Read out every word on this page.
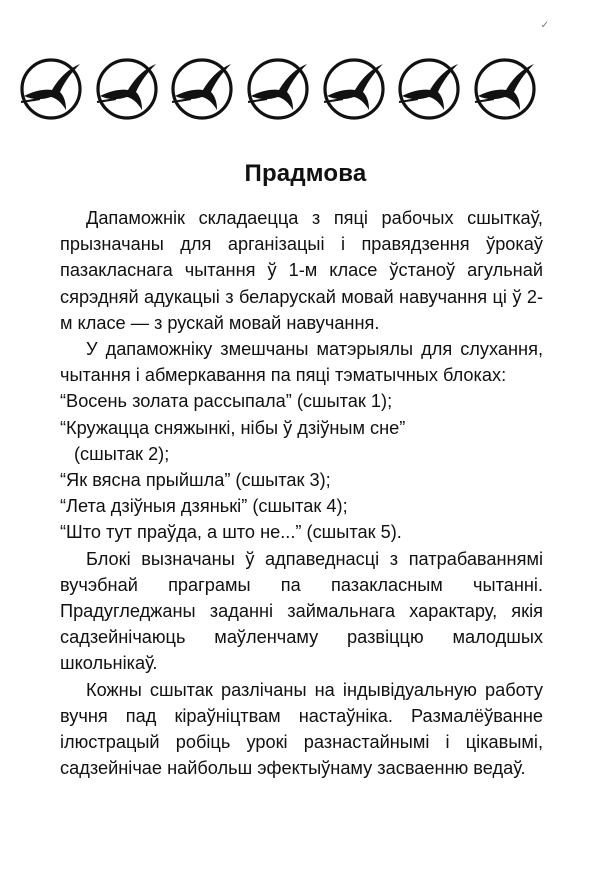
✓
Прадмова

Дапаможнік складаецца з пяці рабочых сшыткаў, прызначаны для арганізацыі і правядзення ўрокаў пазакласнага чытання ў 1-м класе ўстаноў агульнай сярэдняй адукацыі з беларускай мовай навучання ці ў 2-м класе — з рускай мовай навучання.

У дапаможніку змешчаны матэрыялы для слухання, чытання і абмеркавання па пяці тэматычных блоках:

“Восень золата рассыпала” (сшытак 1);

“Кружацца сняжынкі, нібы ў дзіўным сне”

(сшытак 2);

“Як вясна прыйшла” (сшытак 3);

“Лета дзіўныя дзянькі” (сшытак 4);

“Што тут праўда, а што не...” (сшытак 5).

Блокі вызначаны ў адпаведнасці з патрабаваннямі вучэбнай праграмы па пазакласным чытанні. Прадугледжаны заданні займальнага характару, якія садзейнічаюць маўленчаму развіццю малодшых школьнікаў.

Кожны сшытак разлічаны на індывідуальную работу вучня пад кіраўніцтвам настаўніка. Размалёўванне ілюстрацый робіць урокі разнастайнымі і цікавымі, садзейнічае найбольш эфектыўнаму засваенню ведаў.
